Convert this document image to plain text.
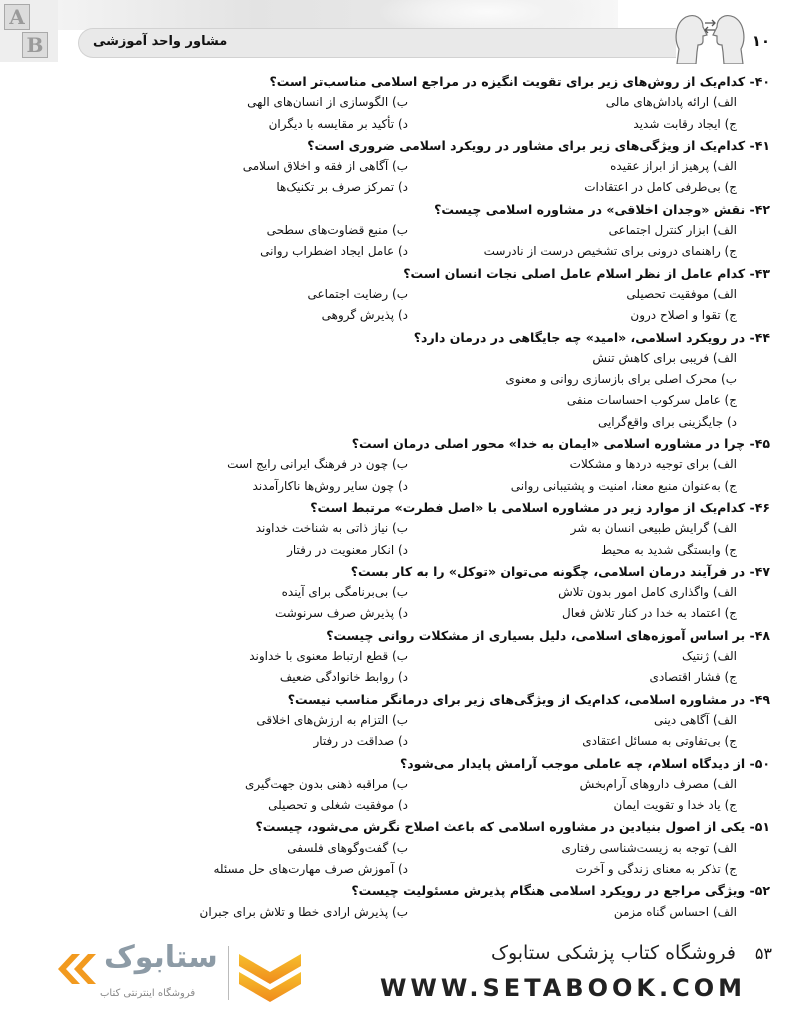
A
B	مشاور واحد آموزشی	۱۰
۴۰- کدام‌یک از روش‌های زیر برای تقویت انگیزه در مراجع اسلامی مناسب‌تر است؟
الف) ارائه پاداش‌های مالی
ب) الگوسازی از انسان‌های الهی
ج) ایجاد رقابت شدید
د) تأکید بر مقایسه با دیگران
۴۱- کدام‌یک از ویژگی‌های زیر برای مشاور در رویکرد اسلامی ضروری است؟
الف) پرهیز از ابراز عقیده
ب) آگاهی از فقه و اخلاق اسلامی
ج) بی‌طرفی کامل در اعتقادات
د) تمرکز صرف بر تکنیک‌ها
۴۲- نقش «وجدان اخلاقی» در مشاوره اسلامی چیست؟
الف) ابزار کنترل اجتماعی
ب) منبع قضاوت‌های سطحی
ج) راهنمای درونی برای تشخیص درست از نادرست
د) عامل ایجاد اضطراب روانی
۴۳- کدام عامل از نظر اسلام عامل اصلی نجات انسان است؟
الف) موفقیت تحصیلی
ب) رضایت اجتماعی
ج) تقوا و اصلاح درون
د) پذیرش گروهی
۴۴- در رویکرد اسلامی، «امید» چه جایگاهی در درمان دارد؟
الف) فریبی برای کاهش تنش
ب) محرک اصلی برای بازسازی روانی و معنوی
ج) عامل سرکوب احساسات منفی
د) جایگزینی برای واقع‌گرایی
۴۵- چرا در مشاوره اسلامی «ایمان به خدا» محور اصلی درمان است؟
الف) برای توجیه دردها و مشکلات
ب) چون در فرهنگ ایرانی رایج است
ج) به‌عنوان منبع معنا، امنیت و پشتیبانی روانی
د) چون سایر روش‌ها ناکارآمدند
۴۶- کدام‌یک از موارد زیر در مشاوره اسلامی با «اصل فطرت» مرتبط است؟
الف) گرایش طبیعی انسان به شر
ب) نیاز ذاتی به شناخت خداوند
ج) وابستگی شدید به محیط
د) انکار معنویت در رفتار
۴۷- در فرآیند درمان اسلامی، چگونه می‌توان «توکل» را به کار بست؟
الف) واگذاری کامل امور بدون تلاش
ب) بی‌برنامگی برای آینده
ج) اعتماد به خدا در کنار تلاش فعال
د) پذیرش صرف سرنوشت
۴۸- بر اساس آموزه‌های اسلامی، دلیل بسیاری از مشکلات روانی چیست؟
الف) ژنتیک
ب) قطع ارتباط معنوی با خداوند
ج) فشار اقتصادی
د) روابط خانوادگی ضعیف
۴۹- در مشاوره اسلامی، کدام‌یک از ویژگی‌های زیر برای درمانگر مناسب نیست؟
الف) آگاهی دینی
ب) التزام به ارزش‌های اخلاقی
ج) بی‌تفاوتی به مسائل اعتقادی
د) صداقت در رفتار
۵۰- از دیدگاه اسلام، چه عاملی موجب آرامش پایدار می‌شود؟
الف) مصرف داروهای آرام‌بخش
ب) مراقبه ذهنی بدون جهت‌گیری
ج) یاد خدا و تقویت ایمان
د) موفقیت شغلی و تحصیلی
۵۱- یکی از اصول بنیادین در مشاوره اسلامی که باعث اصلاح نگرش می‌شود، چیست؟
الف) توجه به زیست‌شناسی رفتاری
ب) گفت‌وگوهای فلسفی
ج) تذکر به معنای زندگی و آخرت
د) آموزش صرف مهارت‌های حل مسئله
۵۲- ویژگی مراجع در رویکرد اسلامی هنگام پذیرش مسئولیت چیست؟
الف) احساس گناه مزمن
ب) پذیرش ارادی خطا و تلاش برای جبران
ستابوک
فروشگاه اینترنتی کتاب
فروشگاه کتاب پزشکی ستابوک
WWW.SETABOOK.COM
۵۳
